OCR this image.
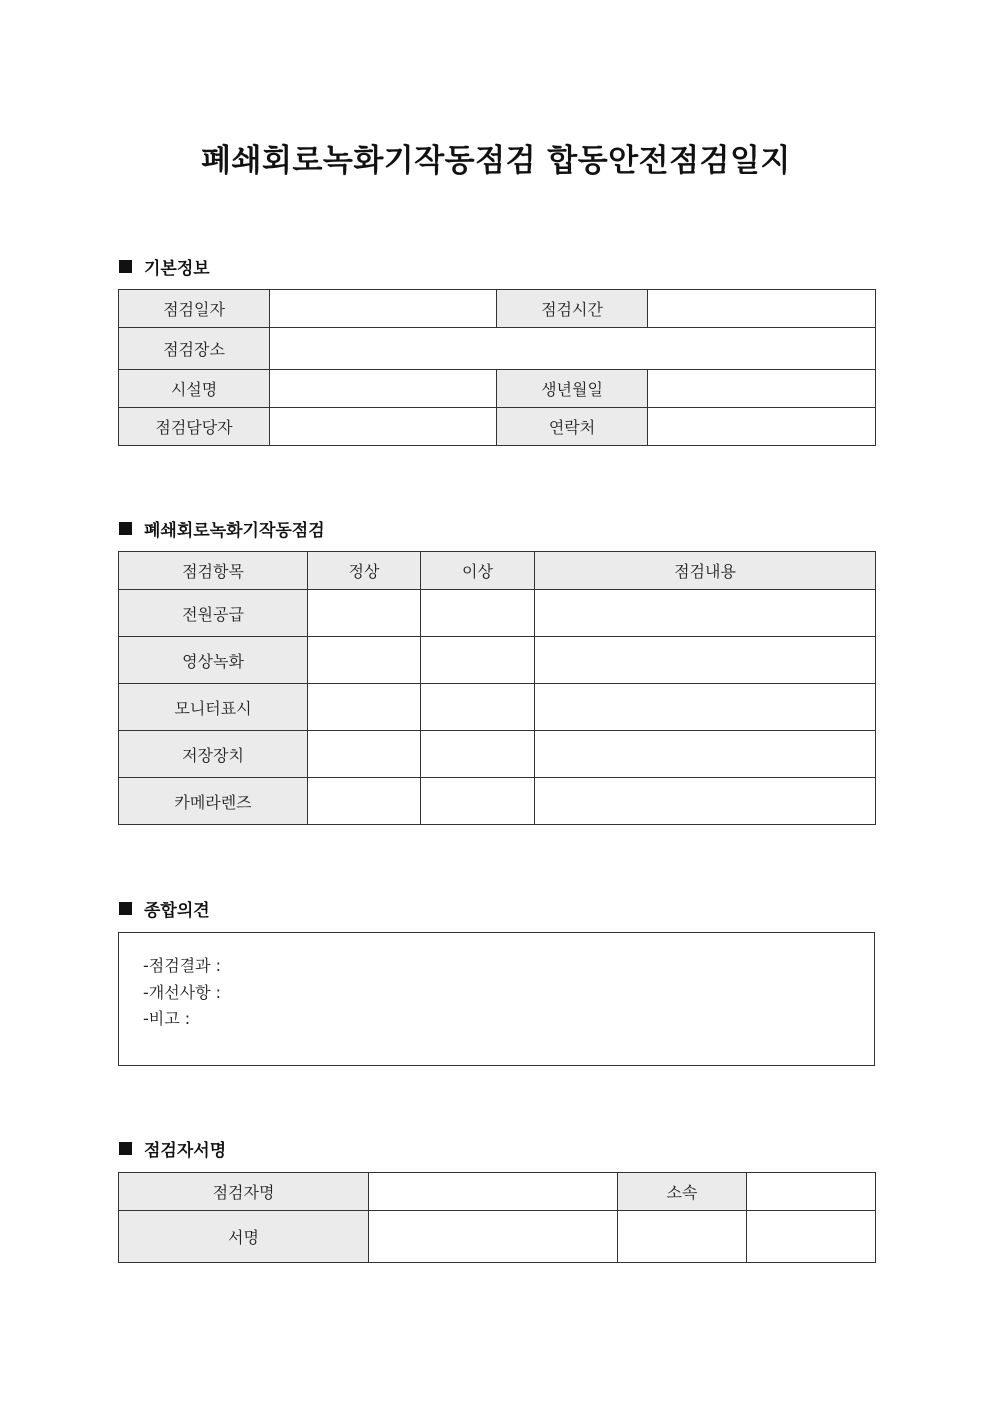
폐쇄회로녹화기작동점검 합동안전점검일지
기본정보
점검일자		점검시간	
점검장소			
시설명		생년월일	
점검담당자		연락처	
폐쇄회로녹화기작동점검
점검항목	정상	이상	점검내용
전원공급			
영상녹화			
모니터표시			
저장장치			
카메라렌즈			
종합의견
-점검결과 :
-개선사항 :
-비고 :
점검자서명
점검자명		소속	
서명			
